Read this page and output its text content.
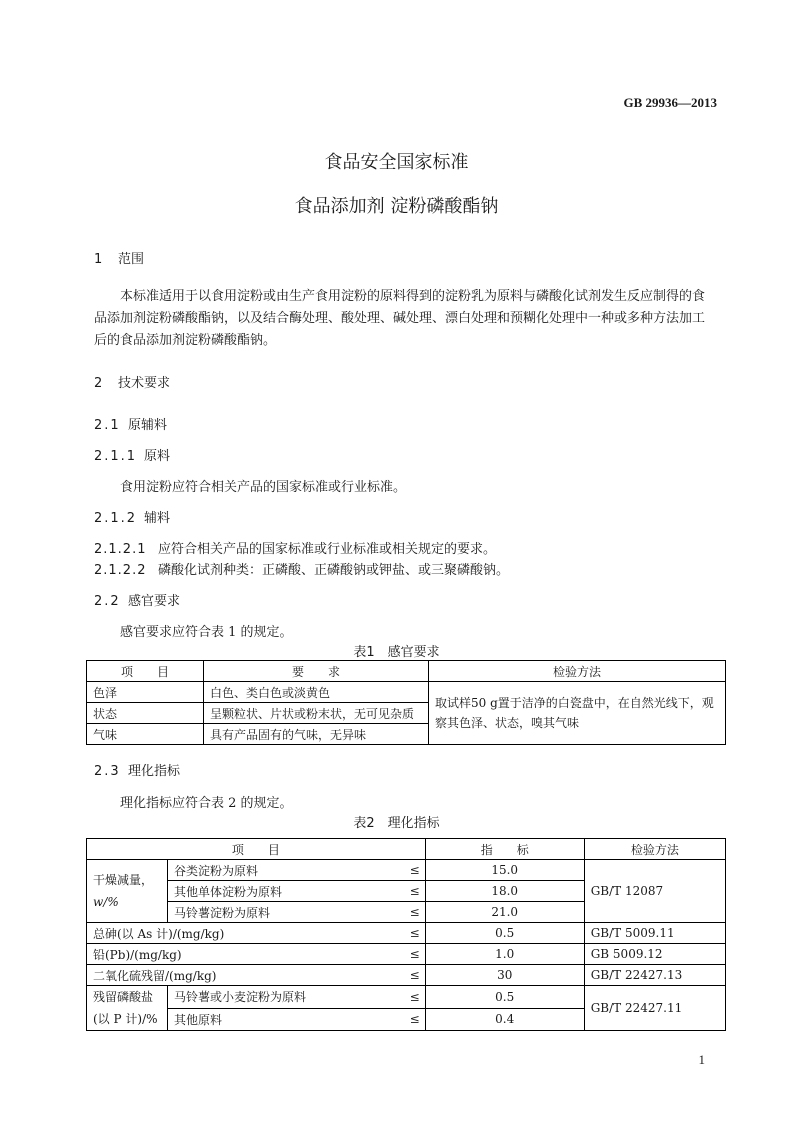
GB 29936—2013
食品安全国家标准
食品添加剂 淀粉磷酸酯钠
1 范围
本标准适用于以食用淀粉或由生产食用淀粉的原料得到的淀粉乳为原料与磷酸化试剂发生反应制得的食品添加剂淀粉磷酸酯钠，以及结合酶处理、酸处理、碱处理、漂白处理和预糊化处理中一种或多种方法加工后的食品添加剂淀粉磷酸酯钠。
2 技术要求
2.1 原辅料
2.1.1 原料
食用淀粉应符合相关产品的国家标准或行业标准。
2.1.2 辅料
2.1.2.1 应符合相关产品的国家标准或行业标准或相关规定的要求。
2.1.2.2 磷酸化试剂种类：正磷酸、正磷酸钠或钾盐、或三聚磷酸钠。
2.2 感官要求
感官要求应符合表 1 的规定。
表1　感官要求
项　　目	要　　求	检验方法
色泽	白色、类白色或淡黄色	取试样50 g置于洁净的白瓷盘中，在自然光线下，观察其色泽、状态，嗅其气味
状态	呈颗粒状、片状或粉末状，无可见杂质	
气味	具有产品固有的气味，无异味	
2.3 理化指标
理化指标应符合表 2 的规定。
表2　理化指标
项　　目			指　　标	检验方法
干燥减量，
w/%	谷类淀粉为原料	≤	15.0	GB/T 12087
	其他单体淀粉为原料	≤	18.0	
	马铃薯淀粉为原料	≤	21.0	
总砷(以 As 计)/(mg/kg)		≤	0.5	GB/T 5009.11
铅(Pb)/(mg/kg)		≤	1.0	GB 5009.12
二氧化硫残留/(mg/kg)		≤	30	GB/T 22427.13
残留磷酸盐
(以 P 计)/%	马铃薯或小麦淀粉为原料	≤	0.5	GB/T 22427.11
	其他原料	≤	0.4	
1
